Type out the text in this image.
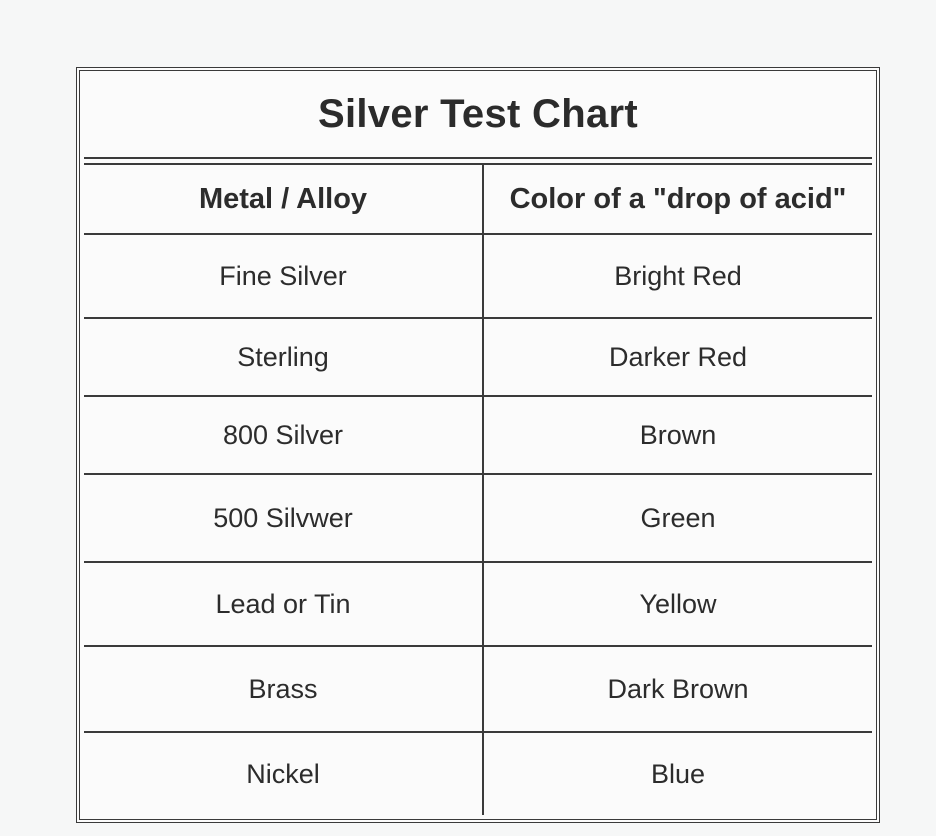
Silver Test Chart
Metal / Alloy	Color of a "drop of acid"
Fine Silver	Bright Red
Sterling	Darker Red
800 Silver	Brown
500 Silvwer	Green
Lead or Tin	Yellow
Brass	Dark Brown
Nickel	Blue
